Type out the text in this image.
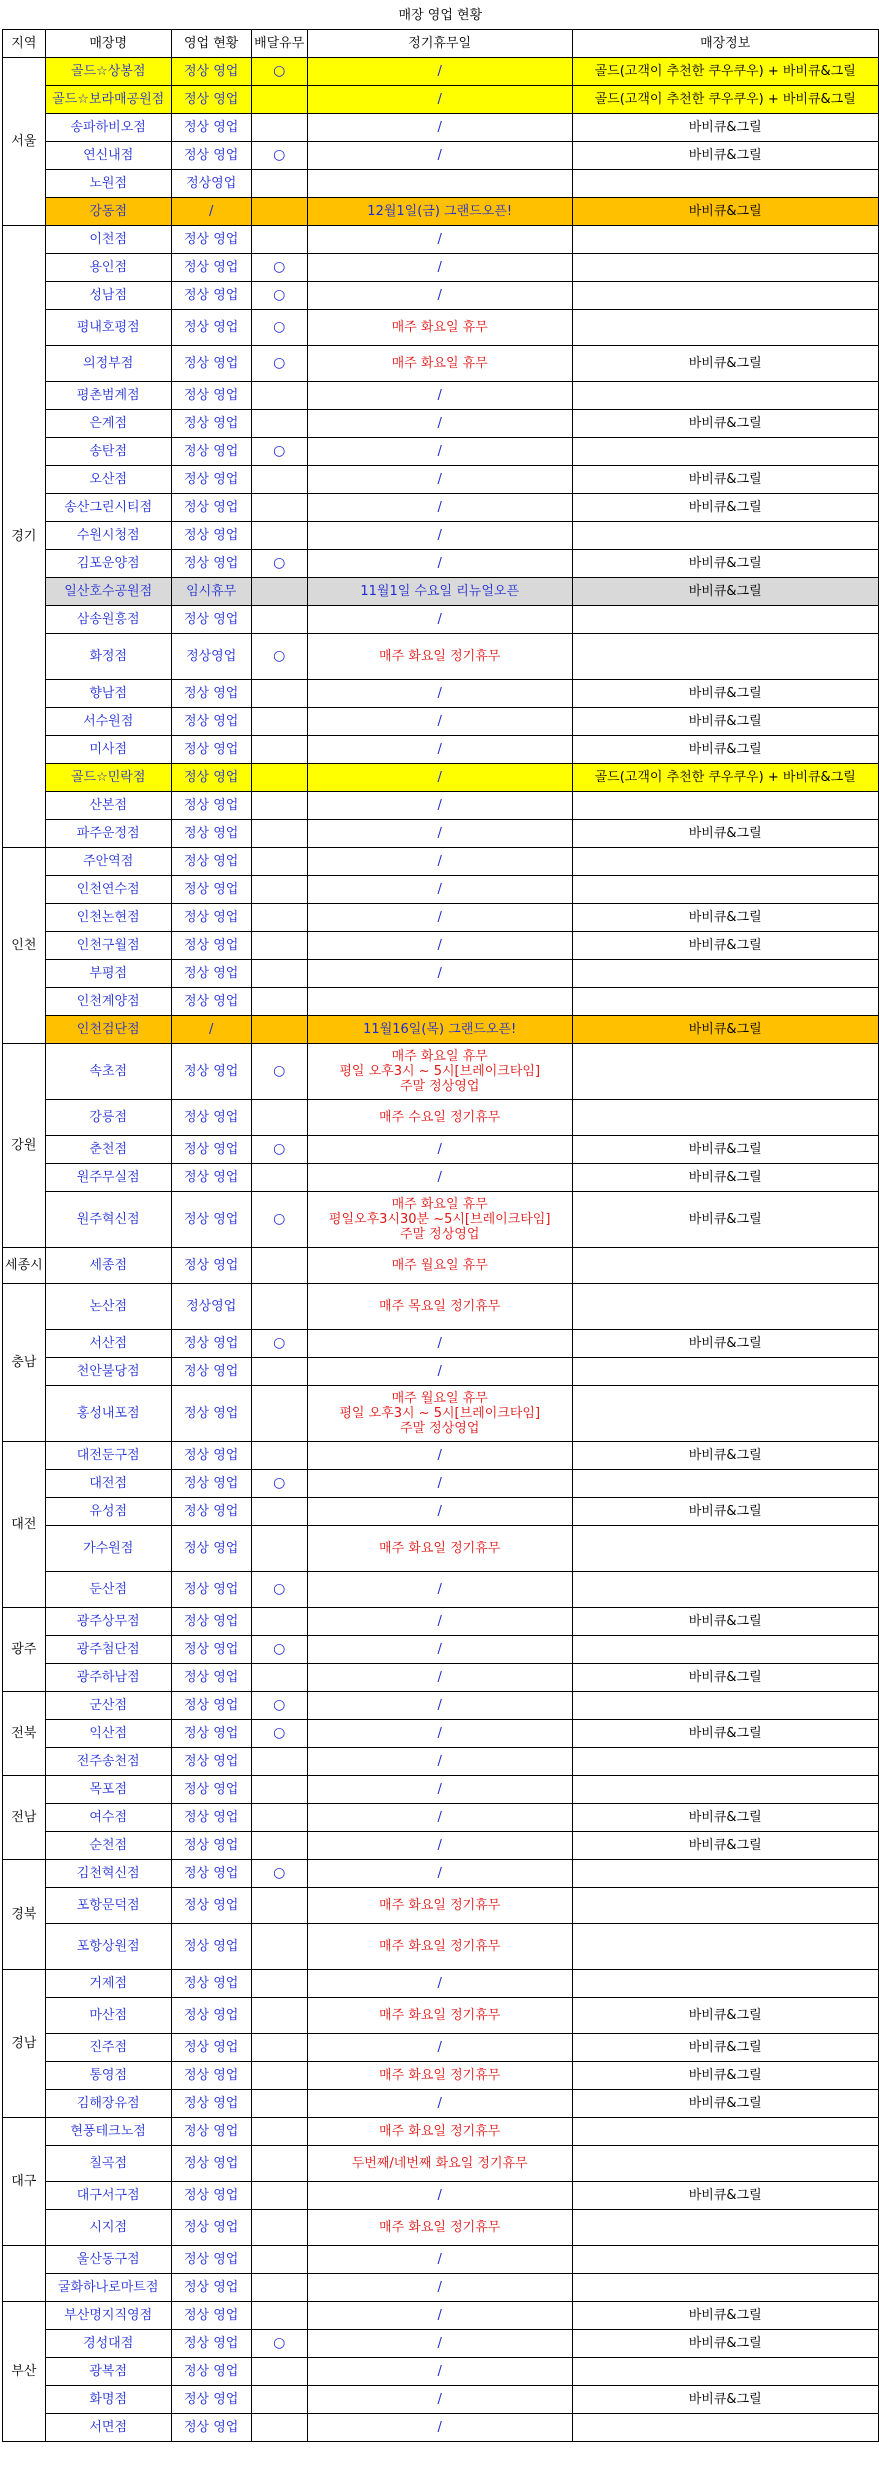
매장 영업 현황					
지역	매장명	영업 현황	배달유무	정기휴무일	매장정보
서울	골드☆상봉점	정상 영업	○	/	골드(고객이 추천한 쿠우쿠우) + 바비큐&그릴
	골드☆보라매공원점	정상 영업		/	골드(고객이 추천한 쿠우쿠우) + 바비큐&그릴
	송파하비오점	정상 영업		/	바비큐&그릴
	연신내점	정상 영업	○	/	바비큐&그릴
	노원점	정상영업			
	강동점	/		12월1일(금) 그랜드오픈!	바비큐&그릴
경기	이천점	정상 영업		/	
	용인점	정상 영업	○	/	
	성남점	정상 영업	○	/	
	평내호평점	정상 영업	○	매주 화요일 휴무	
	의정부점	정상 영업	○	매주 화요일 휴무	바비큐&그릴
	평촌범계점	정상 영업		/	
	은계점	정상 영업		/	바비큐&그릴
	송탄점	정상 영업	○	/	
	오산점	정상 영업		/	바비큐&그릴
	송산그린시티점	정상 영업		/	바비큐&그릴
	수원시청점	정상 영업		/	
	김포운양점	정상 영업	○	/	바비큐&그릴
	일산호수공원점	임시휴무		11월1일 수요일 리뉴얼오픈	바비큐&그릴
	삼송원흥점	정상 영업		/	
	화정점	정상영업	○	매주 화요일 정기휴무	
	향남점	정상 영업		/	바비큐&그릴
	서수원점	정상 영업		/	바비큐&그릴
	미사점	정상 영업		/	바비큐&그릴
	골드☆민락점	정상 영업		/	골드(고객이 추천한 쿠우쿠우) + 바비큐&그릴
	산본점	정상 영업		/	
	파주운정점	정상 영업		/	바비큐&그릴
인천	주안역점	정상 영업		/	
	인천연수점	정상 영업		/	
	인천논현점	정상 영업		/	바비큐&그릴
	인천구월점	정상 영업		/	바비큐&그릴
	부평점	정상 영업		/	
	인천계양점	정상 영업			
	인천검단점	/		11월16일(목) 그랜드오픈!	바비큐&그릴
강원	속초점	정상 영업	○	매주 화요일 휴무
평일 오후3시 ~ 5시[브레이크타임]
주말 정상영업	

	강릉점	정상 영업		매주 수요일 정기휴무	
	춘천점	정상 영업	○	/	바비큐&그릴
	원주무실점	정상 영업		/	바비큐&그릴
	원주혁신점	정상 영업	○	매주 화요일 휴무
평일오후3시30분 ~5시[브레이크타임]
주말 정상영업	바비큐&그릴
세종시	세종점	정상 영업		매주 월요일 휴무	
충남	논산점	정상영업		매주 목요일 정기휴무	
	서산점	정상 영업	○	/	바비큐&그릴
	천안불당점	정상 영업		/	
	홍성내포점	정상 영업		매주 월요일 휴무
평일 오후3시 ~ 5시[브레이크타임]
주말 정상영업	

대전	대전둔구점	정상 영업		/	바비큐&그릴
	대전점	정상 영업	○	/	
	유성점	정상 영업		/	바비큐&그릴
	가수원점	정상 영업		매주 화요일 정기휴무	
	둔산점	정상 영업	○	/	
광주	광주상무점	정상 영업		/	바비큐&그릴
	광주첨단점	정상 영업	○	/	
	광주하남점	정상 영업		/	바비큐&그릴
전북	군산점	정상 영업	○	/	
	익산점	정상 영업	○	/	바비큐&그릴
	전주송천점	정상 영업		/	
전남	목포점	정상 영업		/	
	여수점	정상 영업		/	바비큐&그릴
	순천점	정상 영업		/	바비큐&그릴
경북	김천혁신점	정상 영업	○	/	
	포항문덕점	정상 영업		매주 화요일 정기휴무	
	포항상원점	정상 영업		매주 화요일 정기휴무	
경남	거제점	정상 영업		/	
	마산점	정상 영업		매주 화요일 정기휴무	바비큐&그릴
	진주점	정상 영업		/	바비큐&그릴
	통영점	정상 영업		매주 화요일 정기휴무	바비큐&그릴
	김해장유점	정상 영업		/	바비큐&그릴
대구	현풍테크노점	정상 영업		매주 화요일 정기휴무	
	칠곡점	정상 영업		두번째/네번째 화요일 정기휴무	
	대구서구점	정상 영업		/	바비큐&그릴
	시지점	정상 영업		매주 화요일 정기휴무	
	울산동구점	정상 영업		/	
	굴화하나로마트점	정상 영업		/	
부산	부산명지직영점	정상 영업		/	바비큐&그릴
	경성대점	정상 영업	○	/	바비큐&그릴
	광복점	정상 영업		/	
	화명점	정상 영업		/	바비큐&그릴
	서면점	정상 영업		/	
